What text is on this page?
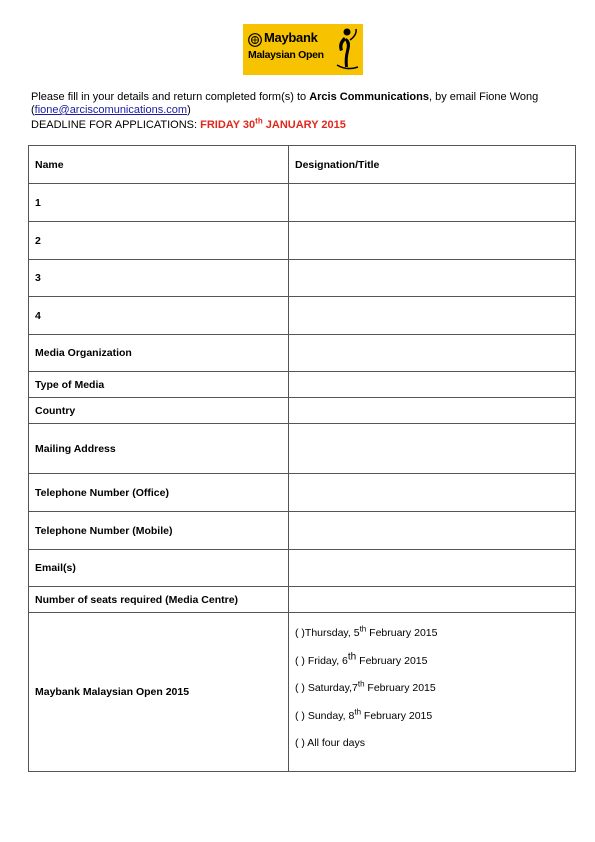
Maybank
Malaysian Open
Please fill in your details and return completed form(s) to Arcis Communications, by email Fione Wong
(fione@arciscomunications.com)
DEADLINE FOR APPLICATIONS: FRIDAY 30th JANUARY 2015
Name	Designation/Title
1	
2	
3	
4	
Media Organization	
Type of Media	
Country	
Mailing Address	
Telephone Number (Office)	
Telephone Number (Mobile)	
Email(s)	
Number of seats required (Media Centre)	
Maybank Malaysian Open 2015	( )Thursday, 5th February 2015
( ) Friday, 6th February 2015
( ) Saturday,7th February 2015
( ) Sunday, 8th February 2015
( ) All four days
